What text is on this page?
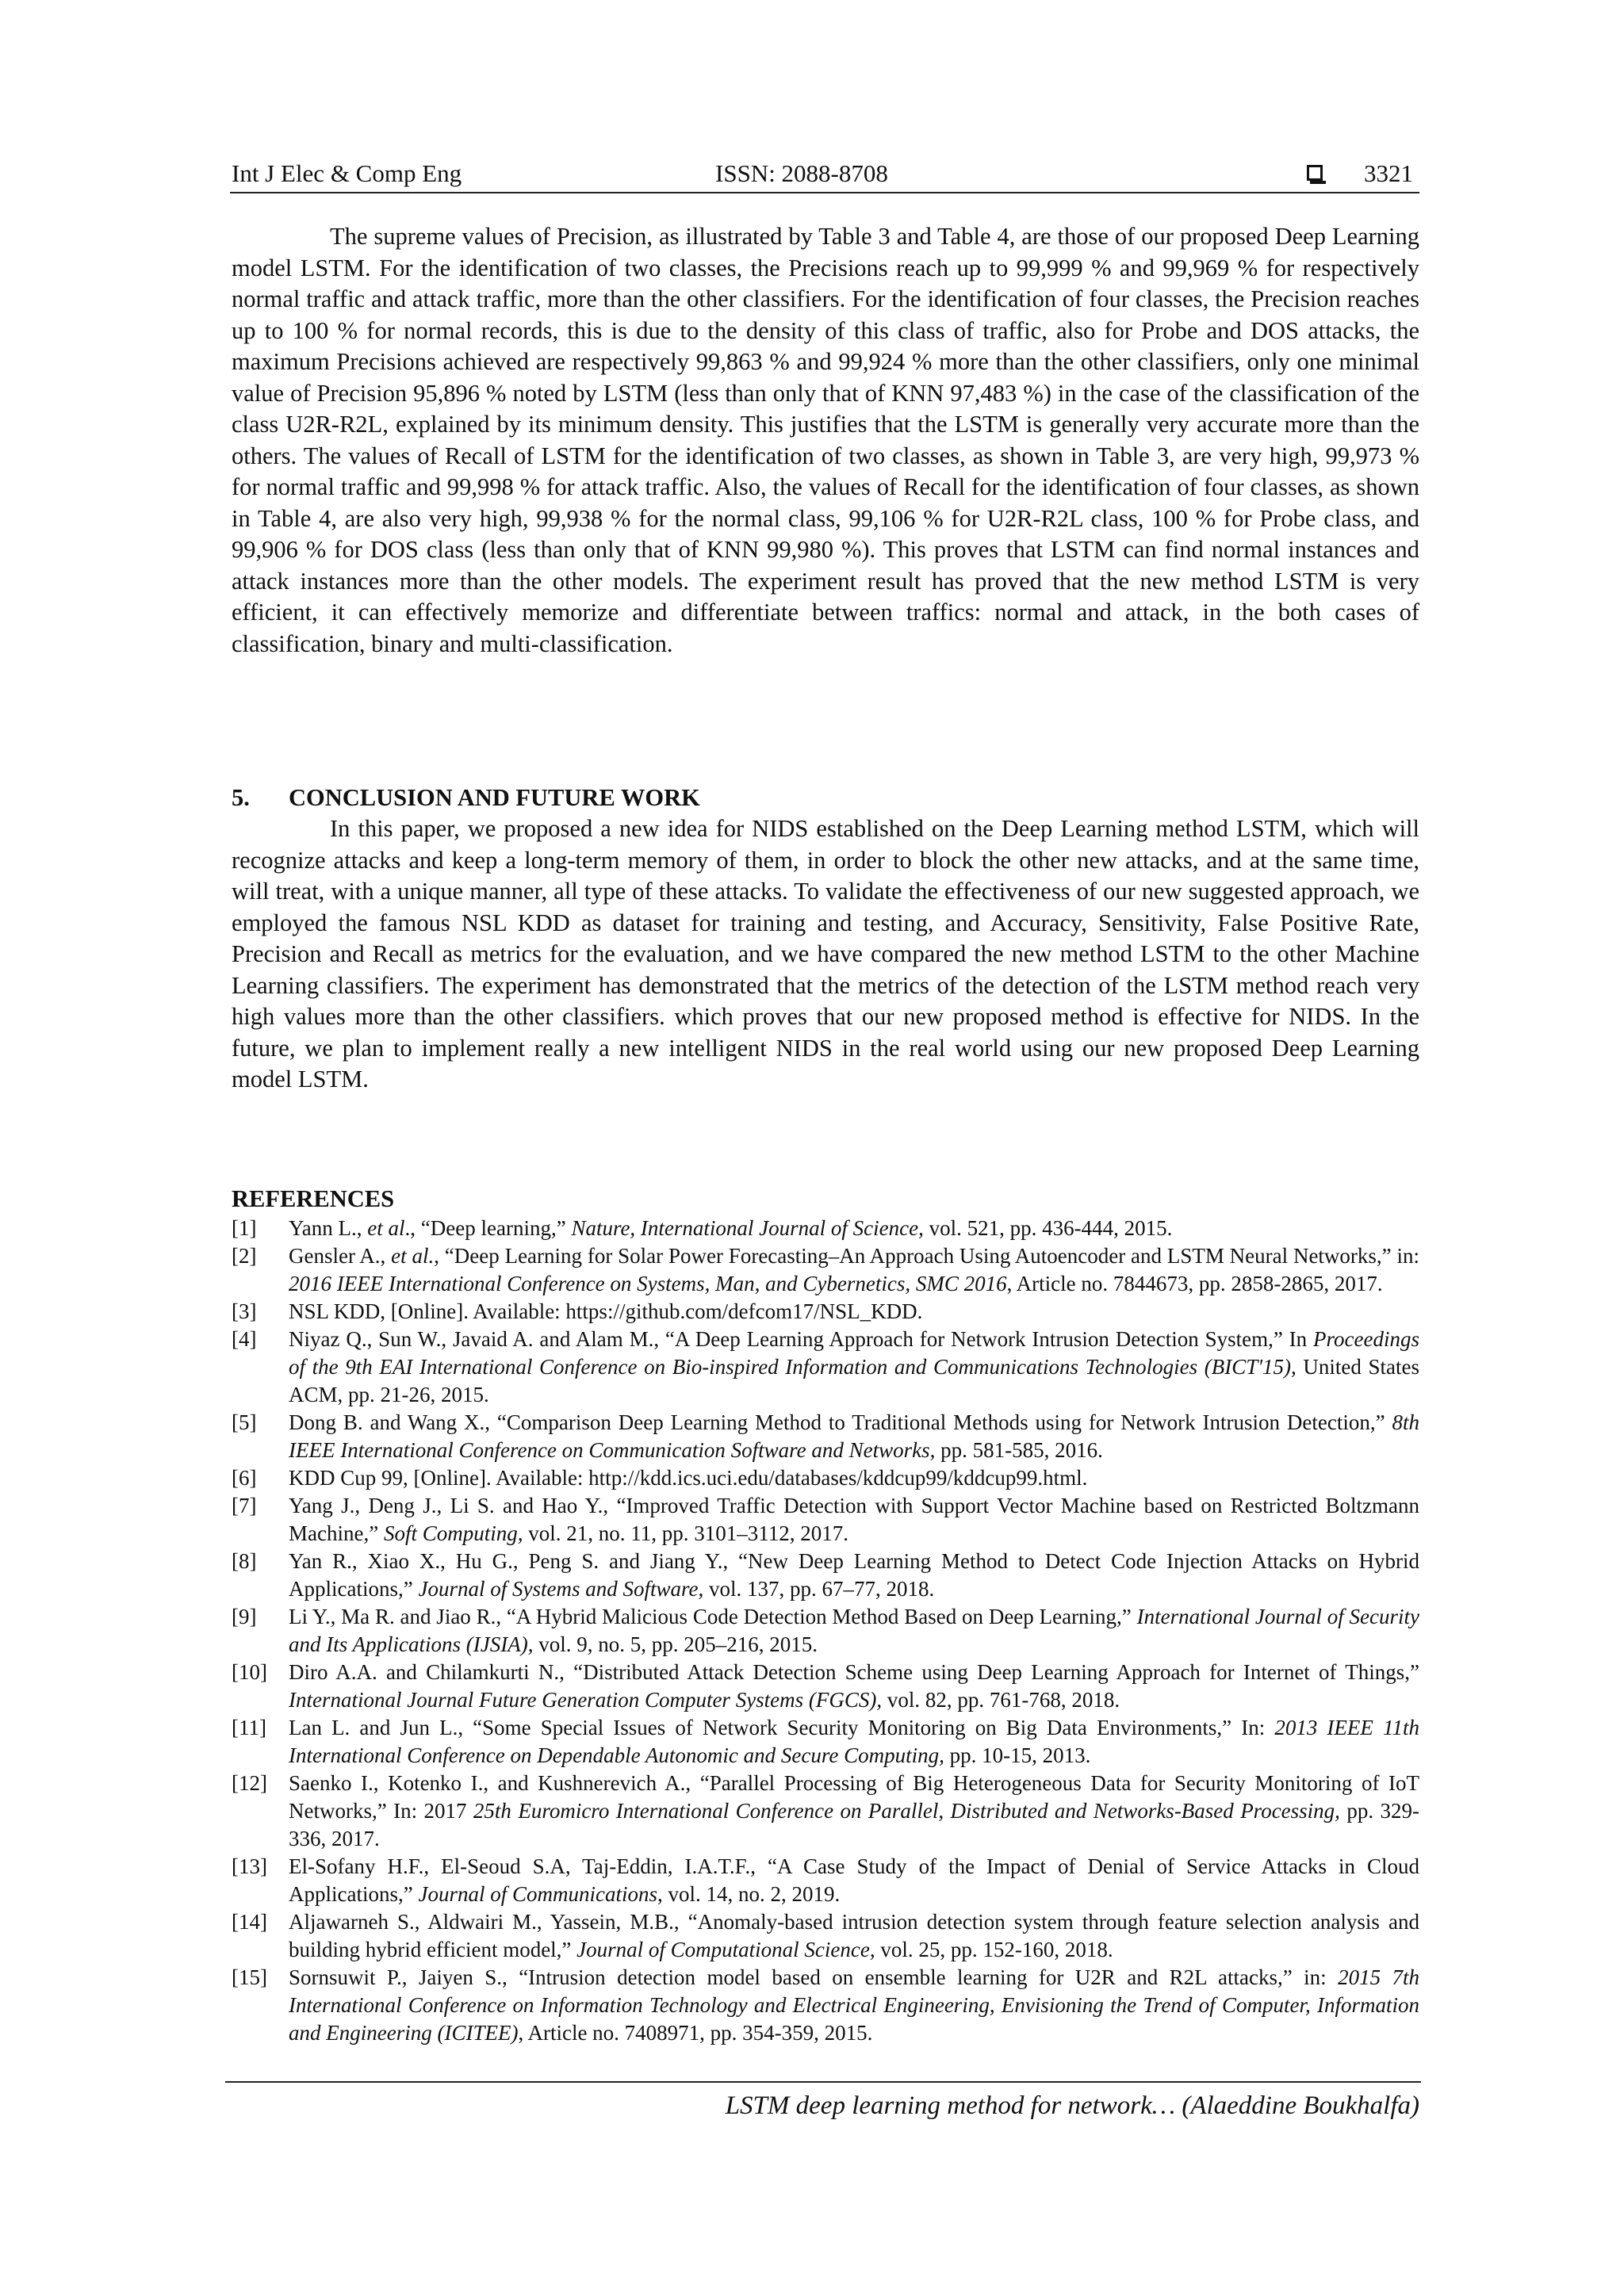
Int J Elec & Comp Eng	ISSN: 2088-8708	3321

The supreme values of Precision, as illustrated by Table 3 and Table 4, are those of our proposed Deep Learning model LSTM. For the identification of two classes, the Precisions reach up to 99,999 % and 99,969 % for respectively normal traffic and attack traffic, more than the other classifiers. For the identification of four classes, the Precision reaches up to 100 % for normal records, this is due to the density of this class of traffic, also for Probe and DOS attacks, the maximum Precisions achieved are respectively 99,863 % and 99,924 % more than the other classifiers, only one minimal value of Precision 95,896 % noted by LSTM (less than only that of KNN 97,483 %) in the case of the classification of the class U2R-R2L, explained by its minimum density. This justifies that the LSTM is generally very accurate more than the others. The values of Recall of LSTM for the identification of two classes, as shown in Table 3, are very high, 99,973 % for normal traffic and 99,998 % for attack traffic. Also, the values of Recall for the identification of four classes, as shown in Table 4, are also very high, 99,938 % for the normal class, 99,106 % for U2R-R2L class, 100 % for Probe class, and 99,906 % for DOS class (less than only that of KNN 99,980 %). This proves that LSTM can find normal instances and attack instances more than the other models. The experiment result has proved that the new method LSTM is very efficient, it can effectively memorize and differentiate between traffics: normal and attack, in the both cases of classification, binary and multi-classification.

5. CONCLUSION AND FUTURE WORK

In this paper, we proposed a new idea for NIDS established on the Deep Learning method LSTM, which will recognize attacks and keep a long-term memory of them, in order to block the other new attacks, and at the same time, will treat, with a unique manner, all type of these attacks. To validate the effectiveness of our new suggested approach, we employed the famous NSL KDD as dataset for training and testing, and Accuracy, Sensitivity, False Positive Rate, Precision and Recall as metrics for the evaluation, and we have compared the new method LSTM to the other Machine Learning classifiers. The experiment has demonstrated that the metrics of the detection of the LSTM method reach very high values more than the other classifiers. which proves that our new proposed method is effective for NIDS. In the future, we plan to implement really a new intelligent NIDS in the real world using our new proposed Deep Learning model LSTM.

REFERENCES
[1] Yann L., et al., “Deep learning,” Nature, International Journal of Science, vol. 521, pp. 436-444, 2015.
[2] Gensler A., et al., “Deep Learning for Solar Power Forecasting–An Approach Using Autoencoder and LSTM Neural Networks,” in: 2016 IEEE International Conference on Systems, Man, and Cybernetics, SMC 2016, Article no. 7844673, pp. 2858-2865, 2017.
[3] NSL KDD, [Online]. Available: https://github.com/defcom17/NSL_KDD.
[4] Niyaz Q., Sun W., Javaid A. and Alam M., “A Deep Learning Approach for Network Intrusion Detection System,” In Proceedings of the 9th EAI International Conference on Bio-inspired Information and Communications Technologies (BICT'15), United States ACM, pp. 21-26, 2015.
[5] Dong B. and Wang X., “Comparison Deep Learning Method to Traditional Methods using for Network Intrusion Detection,” 8th IEEE International Conference on Communication Software and Networks, pp. 581-585, 2016.
[6] KDD Cup 99, [Online]. Available: http://kdd.ics.uci.edu/databases/kddcup99/kddcup99.html.
[7] Yang J., Deng J., Li S. and Hao Y., “Improved Traffic Detection with Support Vector Machine based on Restricted Boltzmann Machine,” Soft Computing, vol. 21, no. 11, pp. 3101–3112, 2017.
[8] Yan R., Xiao X., Hu G., Peng S. and Jiang Y., “New Deep Learning Method to Detect Code Injection Attacks on Hybrid Applications,” Journal of Systems and Software, vol. 137, pp. 67–77, 2018.
[9] Li Y., Ma R. and Jiao R., “A Hybrid Malicious Code Detection Method Based on Deep Learning,” International Journal of Security and Its Applications (IJSIA), vol. 9, no. 5, pp. 205–216, 2015.
[10] Diro A.A. and Chilamkurti N., “Distributed Attack Detection Scheme using Deep Learning Approach for Internet of Things,” International Journal Future Generation Computer Systems (FGCS), vol. 82, pp. 761-768, 2018.
[11] Lan L. and Jun L., “Some Special Issues of Network Security Monitoring on Big Data Environments,” In: 2013 IEEE 11th International Conference on Dependable Autonomic and Secure Computing, pp. 10-15, 2013.
[12] Saenko I., Kotenko I., and Kushnerevich A., “Parallel Processing of Big Heterogeneous Data for Security Monitoring of IoT Networks,” In: 2017 25th Euromicro International Conference on Parallel, Distributed and Networks-Based Processing, pp. 329-336, 2017.
[13] El-Sofany H.F., El-Seoud S.A, Taj-Eddin, I.A.T.F., “A Case Study of the Impact of Denial of Service Attacks in Cloud Applications,” Journal of Communications, vol. 14, no. 2, 2019.
[14] Aljawarneh S., Aldwairi M., Yassein, M.B., “Anomaly-based intrusion detection system through feature selection analysis and building hybrid efficient model,” Journal of Computational Science, vol. 25, pp. 152-160, 2018.
[15] Sornsuwit P., Jaiyen S., “Intrusion detection model based on ensemble learning for U2R and R2L attacks,” in: 2015 7th International Conference on Information Technology and Electrical Engineering, Envisioning the Trend of Computer, Information and Engineering (ICITEE), Article no. 7408971, pp. 354-359, 2015.
LSTM deep learning method for network… (Alaeddine Boukhalfa)
